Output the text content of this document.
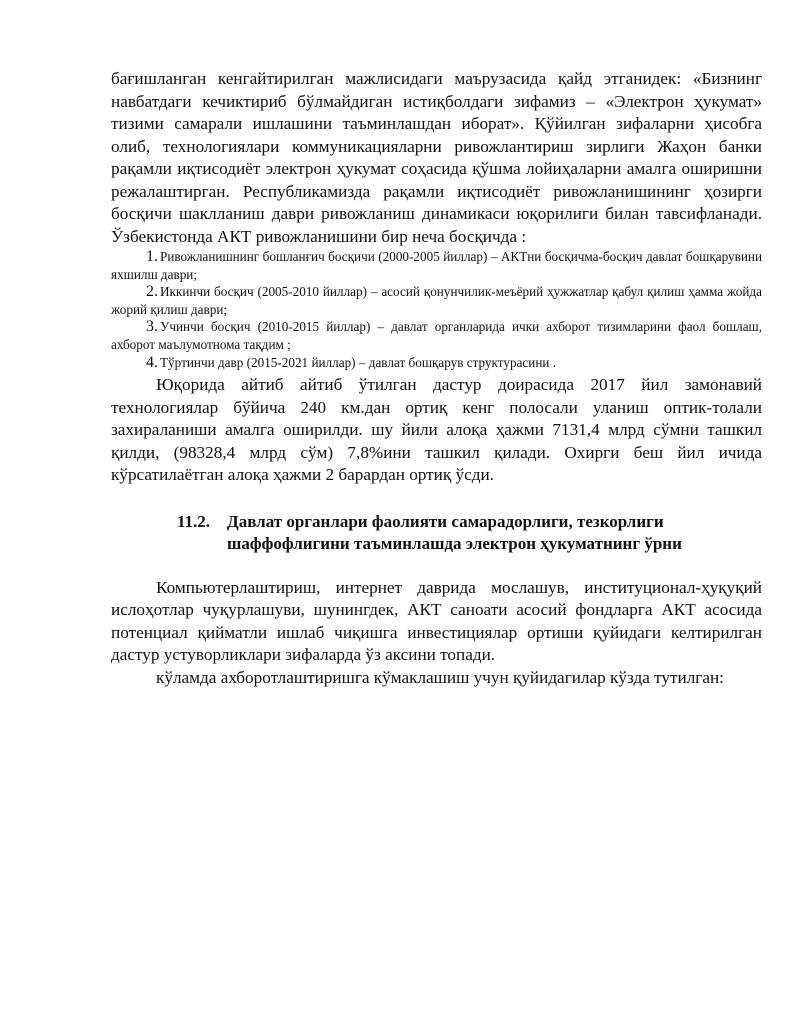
бағишланган кенгайтирилган мажлисидаги маърузасида қайд этганидек: «Бизнинг навбатдаги кечиктириб бўлмайдиган истиқболдаги зифамиз – «Электрон ҳукумат» тизими самарали ишлашини таъминлашдан иборат». Қўйилган зифаларни ҳисобга олиб, технологиялари коммуникацияларни ривожлантириш зирлиги Жаҳон банки рақамли иқтисодиёт электрон ҳукумат соҳасида қўшма лойиҳаларни амалга оширишни режалаштирган. Республикамизда рақамли иқтисодиёт ривожланишининг ҳозирги босқичи шаклланиш даври ривожланиш динамикаси юқорилиги билан тавсифланади. Ўзбекистонда АКТ ривожланишини бир неча босқичда :

1. Ривожланишнинг бошланғич босқичи (2000-2005 йиллар) – АКТни босқичма-босқич давлат бошқарувини яхшилш даври;

2. Иккинчи босқич (2005-2010 йиллар) – асосий қонунчилик-меъёрий ҳужжатлар қабул қилиш ҳамма жойда жорий қилиш даври;

3. Учинчи босқич (2010-2015 йиллар) – давлат органларида ички ахборот тизимларини фаол бошлаш, ахборот маълумотнома тақдим ;

4. Тўртинчи давр (2015-2021 йиллар) – давлат бошқарув структурасини .

Юқорида айтиб айтиб ўтилган дастур доирасида 2017 йил замонавий технологиялар бўйича 240 км.дан ортиқ кенг полосали уланиш оптик-толали захираланиши амалга оширилди. шу йили алоқа ҳажми 7131,4 млрд сўмни ташкил қилди, (98328,4 млрд сўм) 7,8%ини ташкил қилади. Охирги беш йил ичида кўрсатилаётган алоқа ҳажми 2 барардан ортиқ ўсди.

11.2. Давлат органлари фаолияти самарадорлиги, тезкорлиги
шаффофлигини таъминлашда электрон ҳукуматнинг ўрни

Компьютерлаштириш, интернет даврида мослашув, институционал-ҳуқуқий ислоҳотлар чуқурлашуви, шунингдек, АКТ саноати асосий фондларга АКТ асосида потенциал қийматли ишлаб чиқишга инвестициялар ортиши қуйидаги келтирилган дастур устуворликлари зифаларда ўз аксини топади.

кўламда ахборотлаштиришга кўмаклашиш учун қуйидагилар кўзда тутилган:
